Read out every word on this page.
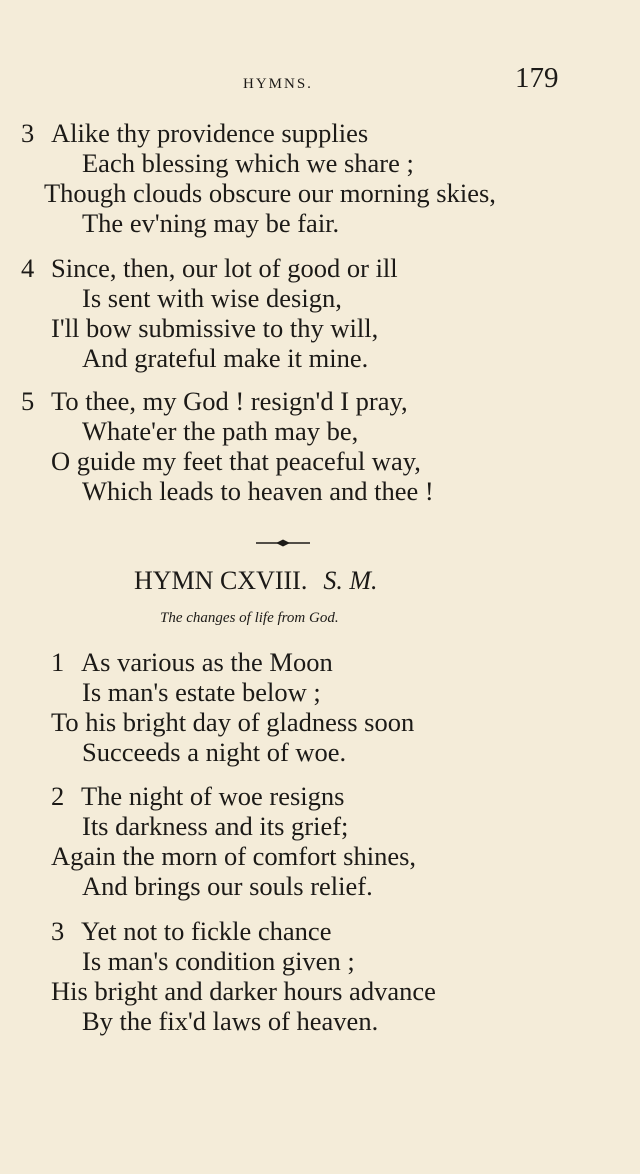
HYMNS.	179
3 Alike thy providence supplies
Each blessing which we share ;
Though clouds obscure our morning skies,
The ev'ning may be fair.
4 Since, then, our lot of good or ill
Is sent with wise design,
I'll bow submissive to thy will,
And grateful make it mine.
5 To thee, my God ! resign'd I pray,
Whate'er the path may be,
O guide my feet that peaceful way,
Which leads to heaven and thee !
HYMN CXVIII. S. M.
The changes of life from God.
1 As various as the Moon
Is man's estate below ;
To his bright day of gladness soon
Succeeds a night of woe.
2 The night of woe resigns
Its darkness and its grief;
Again the morn of comfort shines,
And brings our souls relief.
3 Yet not to fickle chance
Is man's condition given ;
His bright and darker hours advance
By the fix'd laws of heaven.
